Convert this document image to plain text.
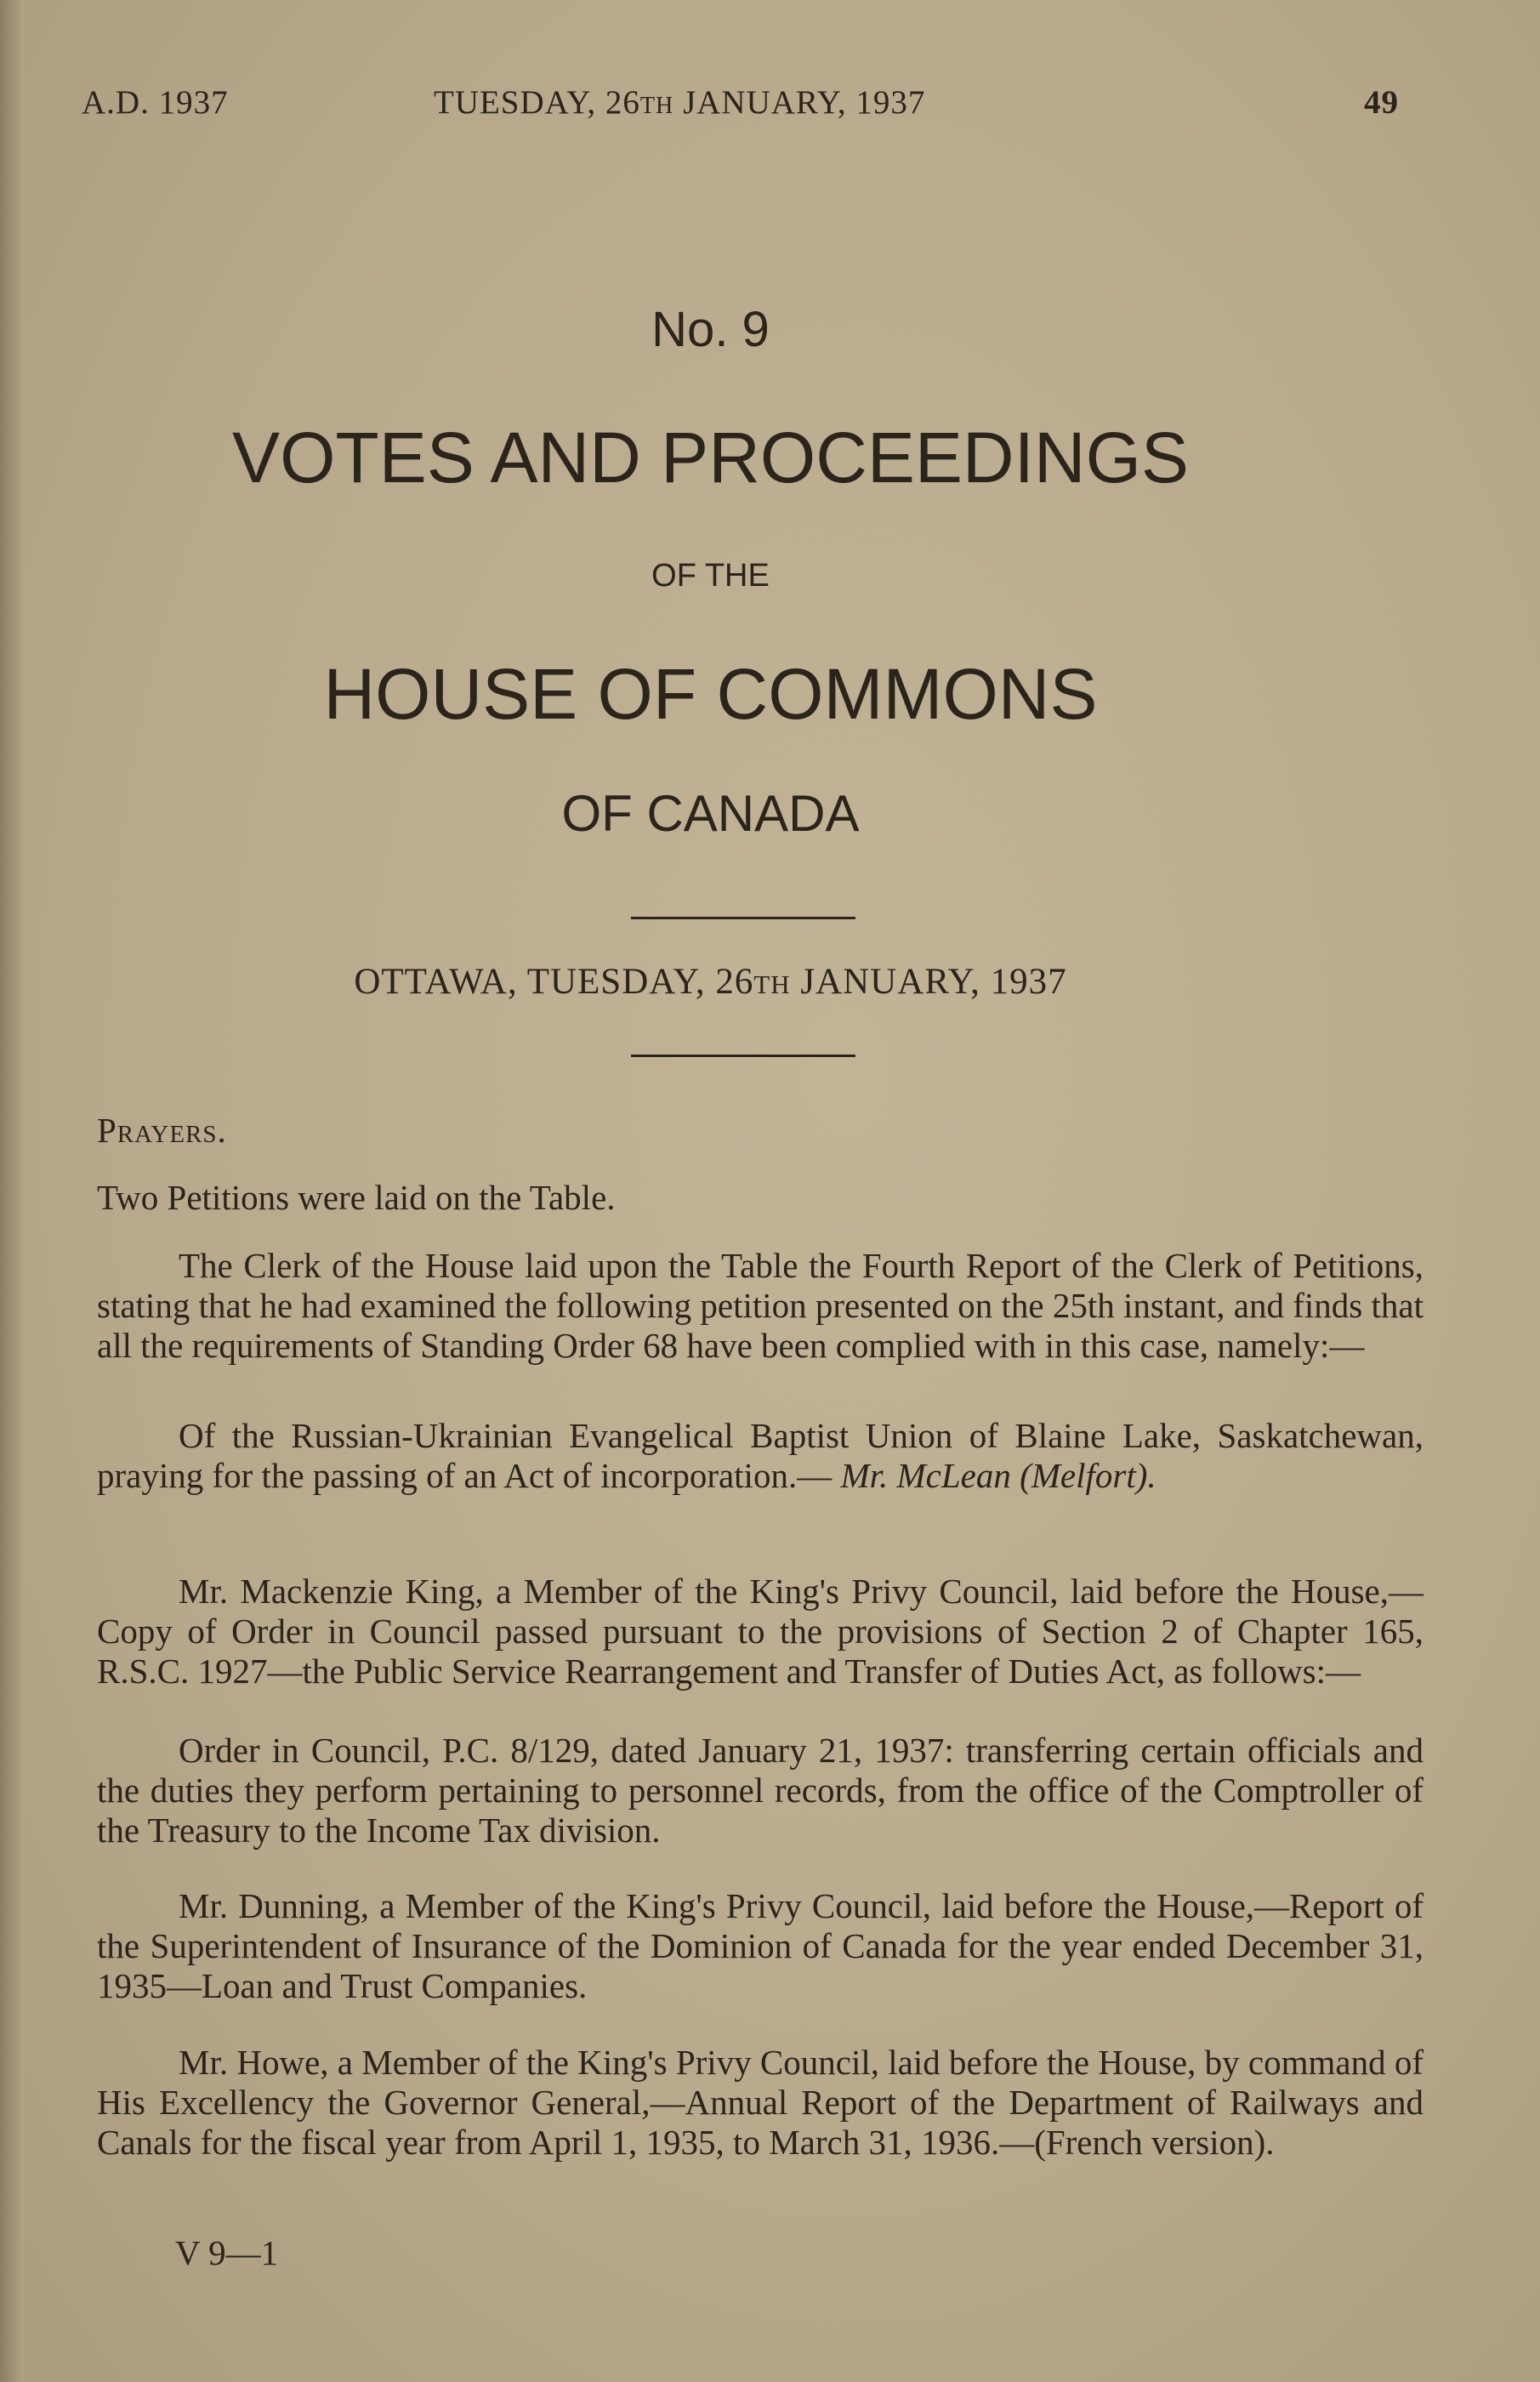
A.D. 1937	TUESDAY, 26TH JANUARY, 1937	49
No. 9
VOTES AND PROCEEDINGS
OF THE
HOUSE OF COMMONS
OF CANADA
OTTAWA, TUESDAY, 26TH JANUARY, 1937
Prayers.

Two Petitions were laid on the Table.

The Clerk of the House laid upon the Table the Fourth Report of the Clerk of Petitions, stating that he had examined the following petition presented on the 25th instant, and finds that all the requirements of Standing Order 68 have been complied with in this case, namely:—

Of the Russian-Ukrainian Evangelical Baptist Union of Blaine Lake, Saskatchewan, praying for the passing of an Act of incorporation.— Mr. McLean (Melfort).

Mr. Mackenzie King, a Member of the King's Privy Council, laid before the House,—Copy of Order in Council passed pursuant to the provisions of Section 2 of Chapter 165, R.S.C. 1927—the Public Service Rearrangement and Transfer of Duties Act, as follows:—

Order in Council, P.C. 8/129, dated January 21, 1937: transferring certain officials and the duties they perform pertaining to personnel records, from the office of the Comptroller of the Treasury to the Income Tax division.

Mr. Dunning, a Member of the King's Privy Council, laid before the House,—Report of the Superintendent of Insurance of the Dominion of Canada for the year ended December 31, 1935—Loan and Trust Companies.

Mr. Howe, a Member of the King's Privy Council, laid before the House, by command of His Excellency the Governor General,—Annual Report of the Department of Railways and Canals for the fiscal year from April 1, 1935, to March 31, 1936.—(French version).

V 9—1
